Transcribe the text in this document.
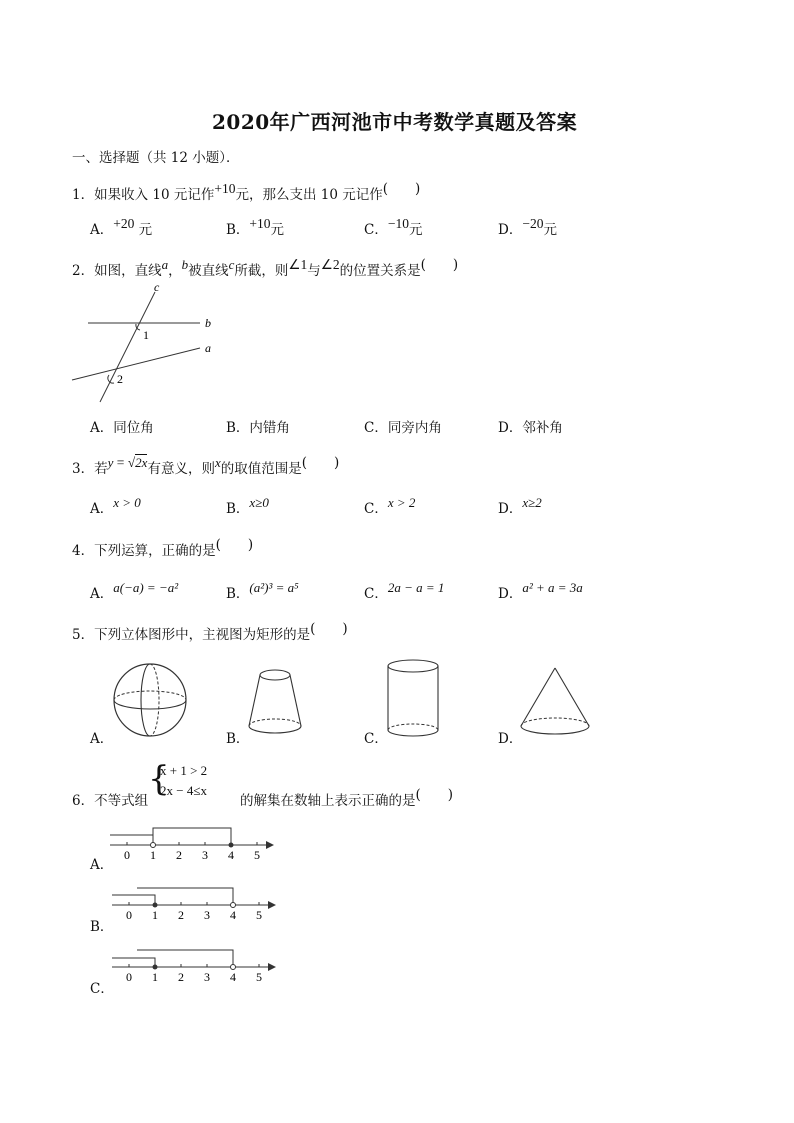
2020年广西河池市中考数学真题及答案
一、选择题（共 12 小题）．
1．如果收入 10 元记作+10元，那么支出 10 元记作(　　)
A．+20 元	B．+10元	C．−10元	D．−20元
2．如图，直线a，b被直线c所截，则∠1与∠2的位置关系是(　　)
c
b
a
1
2
A．同位角	B．内错角	C．同旁内角	D．邻补角
3．若y = √2x有意义，则x的取值范围是(　　)
A．x > 0	B．x≥0	C．x > 2	D．x≥2
4．下列运算，正确的是(　　)
A．a(−a) = −a²	B．(a²)³ = a⁵	C．2a − a = 1	D．a² + a = 3a
5．下列立体图形中，主视图为矩形的是(　　)
A．	B．	C．	D．
6．不等式组
{
x + 1 > 2
2x − 4≤x
的解集在数轴上表示正确的是(　　)
0 1 2 3 4 5
A．
0 1 2 3 4 5
B．
0 1 2 3 4 5
C．
